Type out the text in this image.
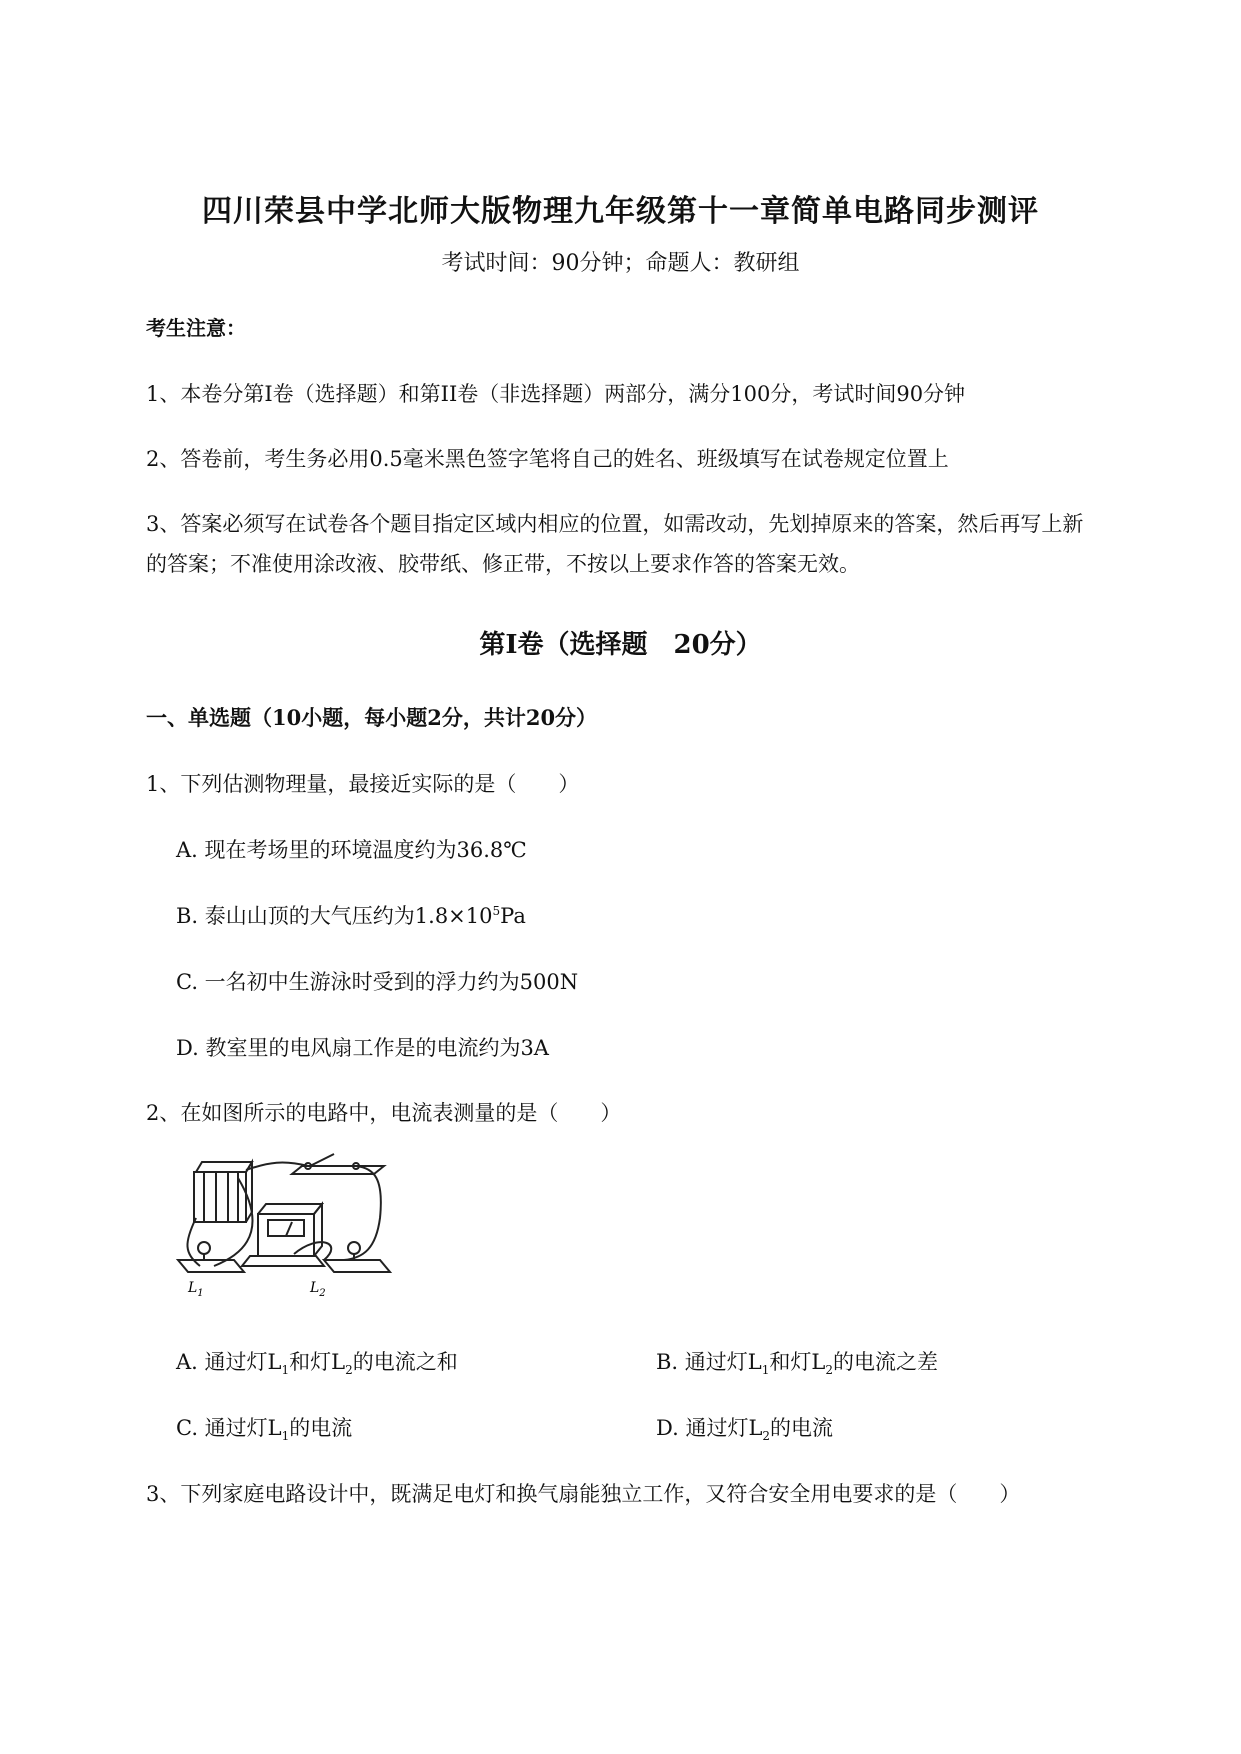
四川荣县中学北师大版物理九年级第十一章简单电路同步测评
考试时间：90分钟；命题人：教研组
考生注意：
1、本卷分第I卷（选择题）和第II卷（非选择题）两部分，满分100分，考试时间90分钟
2、答卷前，考生务必用0.5毫米黑色签字笔将自己的姓名、班级填写在试卷规定位置上
3、答案必须写在试卷各个题目指定区域内相应的位置，如需改动，先划掉原来的答案，然后再写上新
的答案；不准使用涂改液、胶带纸、修正带，不按以上要求作答的答案无效。
第I卷（选择题　20分）
一、单选题（10小题，每小题2分，共计20分）
1、下列估测物理量，最接近实际的是（　　）
A. 现在考场里的环境温度约为36.8℃
B. 泰山山顶的大气压约为$1.8\times 10^5Pa$
C. 一名初中生游泳时受到的浮力约为500N
D. 教室里的电风扇工作是的电流约为3A
2、在如图所示的电路中，电流表测量的是（　　）
$L_1$	$L_2$
A. 通过灯$L_1$和灯$L_2$的电流之和	B. 通过灯$L_1$和灯$L_2$的电流之差
C. 通过灯$L_1$的电流	D. 通过灯$L_2$的电流
3、下列家庭电路设计中，既满足电灯和换气扇能独立工作，又符合安全用电要求的是（　　）
